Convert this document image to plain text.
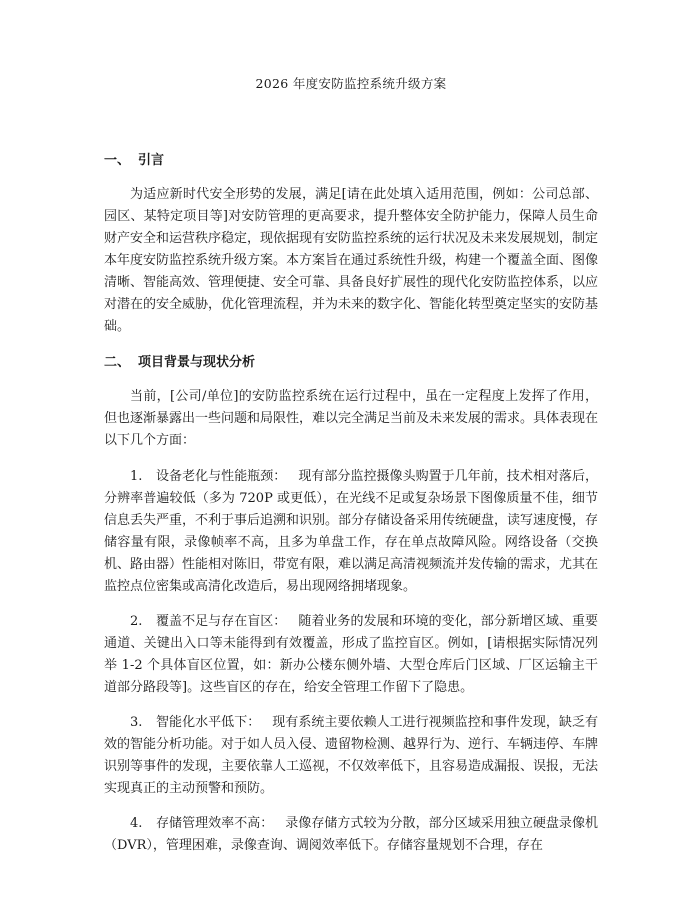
2026 年度安防监控系统升级方案
一、 引言

为适应新时代安全形势的发展，满足[请在此处填入适用范围，例如：公司总部、园区、某特定项目等]对安防管理的更高要求，提升整体安全防护能力，保障人员生命财产安全和运营秩序稳定，现依据现有安防监控系统的运行状况及未来发展规划，制定本年度安防监控系统升级方案。本方案旨在通过系统性升级，构建一个覆盖全面、图像清晰、智能高效、管理便捷、安全可靠、具备良好扩展性的现代化安防监控体系，以应对潜在的安全威胁，优化管理流程，并为未来的数字化、智能化转型奠定坚实的安防基础。

二、 项目背景与现状分析

当前，[公司/单位]的安防监控系统在运行过程中，虽在一定程度上发挥了作用，但也逐渐暴露出一些问题和局限性，难以完全满足当前及未来发展的需求。具体表现在以下几个方面：

1. 设备老化与性能瓶颈： 现有部分监控摄像头购置于几年前，技术相对落后，分辨率普遍较低（多为 720P 或更低），在光线不足或复杂场景下图像质量不佳，细节信息丢失严重，不利于事后追溯和识别。部分存储设备采用传统硬盘，读写速度慢，存储容量有限，录像帧率不高，且多为单盘工作，存在单点故障风险。网络设备（交换机、路由器）性能相对陈旧，带宽有限，难以满足高清视频流并发传输的需求，尤其在监控点位密集或高清化改造后，易出现网络拥堵现象。

2. 覆盖不足与存在盲区： 随着业务的发展和环境的变化，部分新增区域、重要通道、关键出入口等未能得到有效覆盖，形成了监控盲区。例如，[请根据实际情况列举 1-2 个具体盲区位置，如：新办公楼东侧外墙、大型仓库后门区域、厂区运输主干道部分路段等]。这些盲区的存在，给安全管理工作留下了隐患。

3. 智能化水平低下： 现有系统主要依赖人工进行视频监控和事件发现，缺乏有效的智能分析功能。对于如人员入侵、遗留物检测、越界行为、逆行、车辆违停、车牌识别等事件的发现，主要依靠人工巡视，不仅效率低下，且容易造成漏报、误报，无法实现真正的主动预警和预防。

4. 存储管理效率不高： 录像存储方式较为分散，部分区域采用独立硬盘录像机（DVR），管理困难，录像查询、调阅效率低下。存储容量规划不合理，存在
